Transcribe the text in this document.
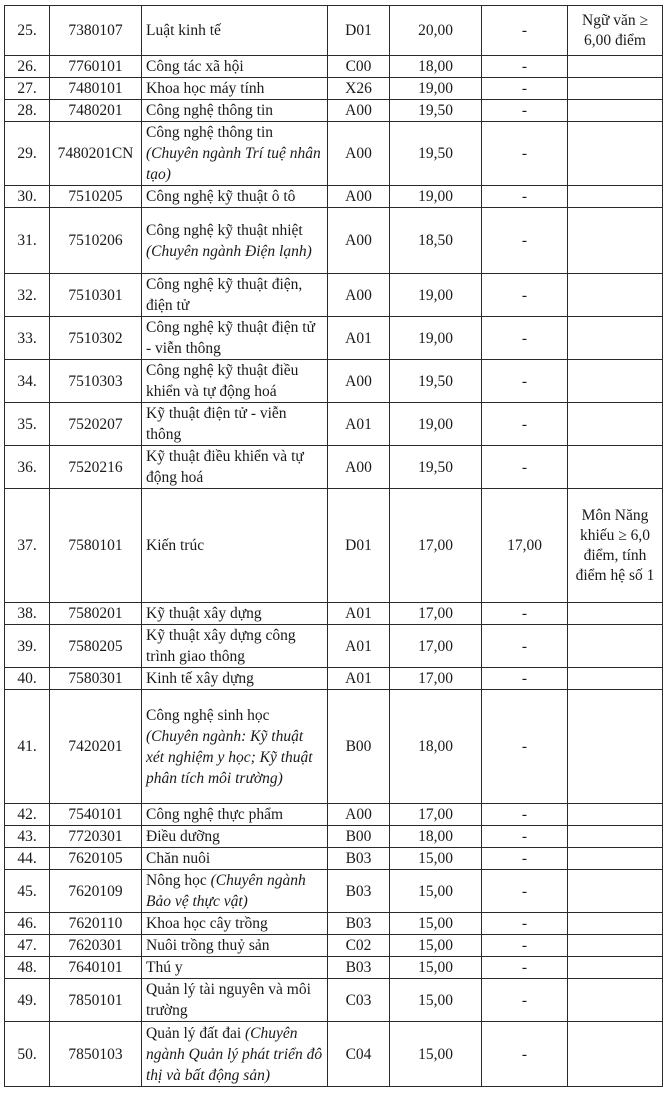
25.	7380107	Luật kinh tế	D01	20,00	-	Ngữ văn ≥ 6,00 điểm
26.	7760101	Công tác xã hội	C00	18,00	-	
27.	7480101	Khoa học máy tính	X26	19,00	-	
28.	7480201	Công nghệ thông tin	A00	19,50	-	
29.	7480201CN	Công nghệ thông tin (Chuyên ngành Trí tuệ nhân tạo)	A00	19,50	-	
30.	7510205	Công nghệ kỹ thuật ô tô	A00	19,00	-	
31.	7510206	Công nghệ kỹ thuật nhiệt (Chuyên ngành Điện lạnh)	A00	18,50	-	
32.	7510301	Công nghệ kỹ thuật điện, điện tử	A00	19,00	-	
33.	7510302	Công nghệ kỹ thuật điện tử - viễn thông	A01	19,00	-	
34.	7510303	Công nghệ kỹ thuật điều khiển và tự động hoá	A00	19,50	-	
35.	7520207	Kỹ thuật điện tử - viễn thông	A01	19,00	-	
36.	7520216	Kỹ thuật điều khiển và tự động hoá	A00	19,50	-	
37.	7580101	Kiến trúc	D01	17,00	17,00	Môn Năng khiếu ≥ 6,0 điểm, tính điểm hệ số 1
38.	7580201	Kỹ thuật xây dựng	A01	17,00	-	
39.	7580205	Kỹ thuật xây dựng công trình giao thông	A01	17,00	-	
40.	7580301	Kinh tế xây dựng	A01	17,00	-	
41.	7420201	Công nghệ sinh học (Chuyên ngành: Kỹ thuật xét nghiệm y học; Kỹ thuật phân tích môi trường)	B00	18,00	-	
42.	7540101	Công nghệ thực phẩm	A00	17,00	-	
43.	7720301	Điều dưỡng	B00	18,00	-	
44.	7620105	Chăn nuôi	B03	15,00	-	
45.	7620109	Nông học (Chuyên ngành Bảo vệ thực vật)	B03	15,00	-	
46.	7620110	Khoa học cây trồng	B03	15,00	-	
47.	7620301	Nuôi trồng thuỷ sản	C02	15,00	-	
48.	7640101	Thú y	B03	15,00	-	
49.	7850101	Quản lý tài nguyên và môi trường	C03	15,00	-	
50.	7850103	Quản lý đất đai (Chuyên ngành Quản lý phát triển đô thị và bất động sản)	C04	15,00	-	
